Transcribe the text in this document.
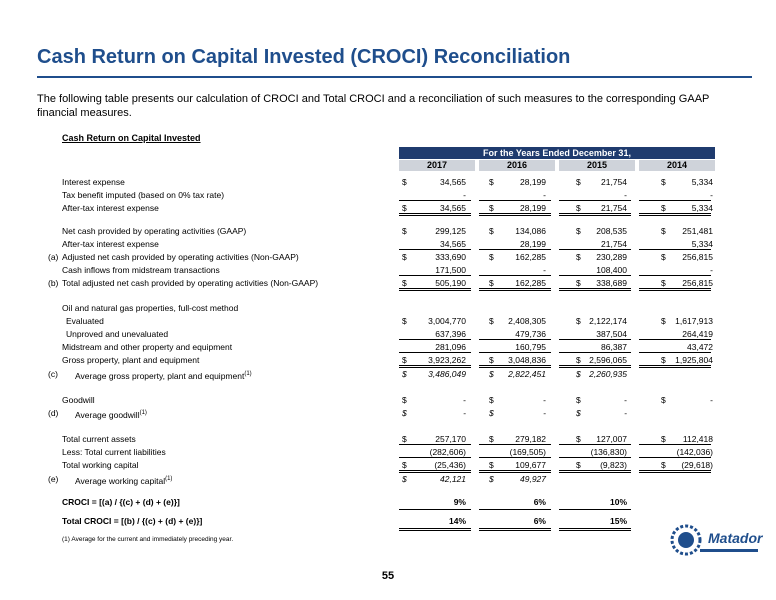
Cash Return on Capital Invested (CROCI) Reconciliation

The following table presents our calculation of CROCI and Total CROCI and a reconciliation of such measures to the corresponding GAAP financial measures.

Cash Return on Capital Invested
For the Years Ended December 31,
2017	2016	2015	2014
Interest expense	$	34,565	$	28,199	$	21,754	$	5,334
Tax benefit imputed (based on 0% tax rate)	-	-	-	-
After-tax interest expense	$	34,565	$	28,199	$	21,754	$	5,334
Net cash provided by operating activities (GAAP)	$	299,125	$	134,086	$	208,535	$	251,481
After-tax interest expense	34,565	28,199	21,754	5,334
(a) Adjusted net cash provided by operating activities (Non-GAAP)	$	333,690	$	162,285	$	230,289	$	256,815
Cash inflows from midstream transactions	171,500	-	108,400	-
(b) Total adjusted net cash provided by operating activities (Non-GAAP)	$	505,190	$	162,285	$	338,689	$	256,815
Oil and natural gas properties, full-cost method
Evaluated	$	3,004,770	$	2,408,305	$ 2,122,174	$	1,617,913
Unproved and unevaluated	637,396	479,736	387,504	264,419
Midstream and other property and equipment	281,096	160,795	86,387	43,472
Gross property, plant and equipment	$	3,923,262	$	3,048,836	$ 2,596,065	$	1,925,804
(c) Average gross property, plant and equipment$^{(1)}$	$	3,486,049	$	2,822,451	$ 2,260,935
Goodwill	$	-	$	-	$	-	$	-
(d) Average goodwill$^{(1)}$	$	-	$	-	$	-
Total current assets	$	257,170	$	279,182	$	127,007	$	112,418
Less: Total current liabilities	(282,606)	(169,505)	(136,830)	(142,036)
Total working capital	$	(25,436)	$	109,677	$	(9,823)	$	(29,618)
(e) Average working capital$^{(1)}$	$	42,121	$	49,927
CROCI = [(a) / {(c) + (d) + (e)}]	9%	6%	10%
Total CROCI = [(b) / {(c) + (d) + (e)}]	14%	6%	15%
(1) Average for the current and immediately preceding year.	Matador
55
